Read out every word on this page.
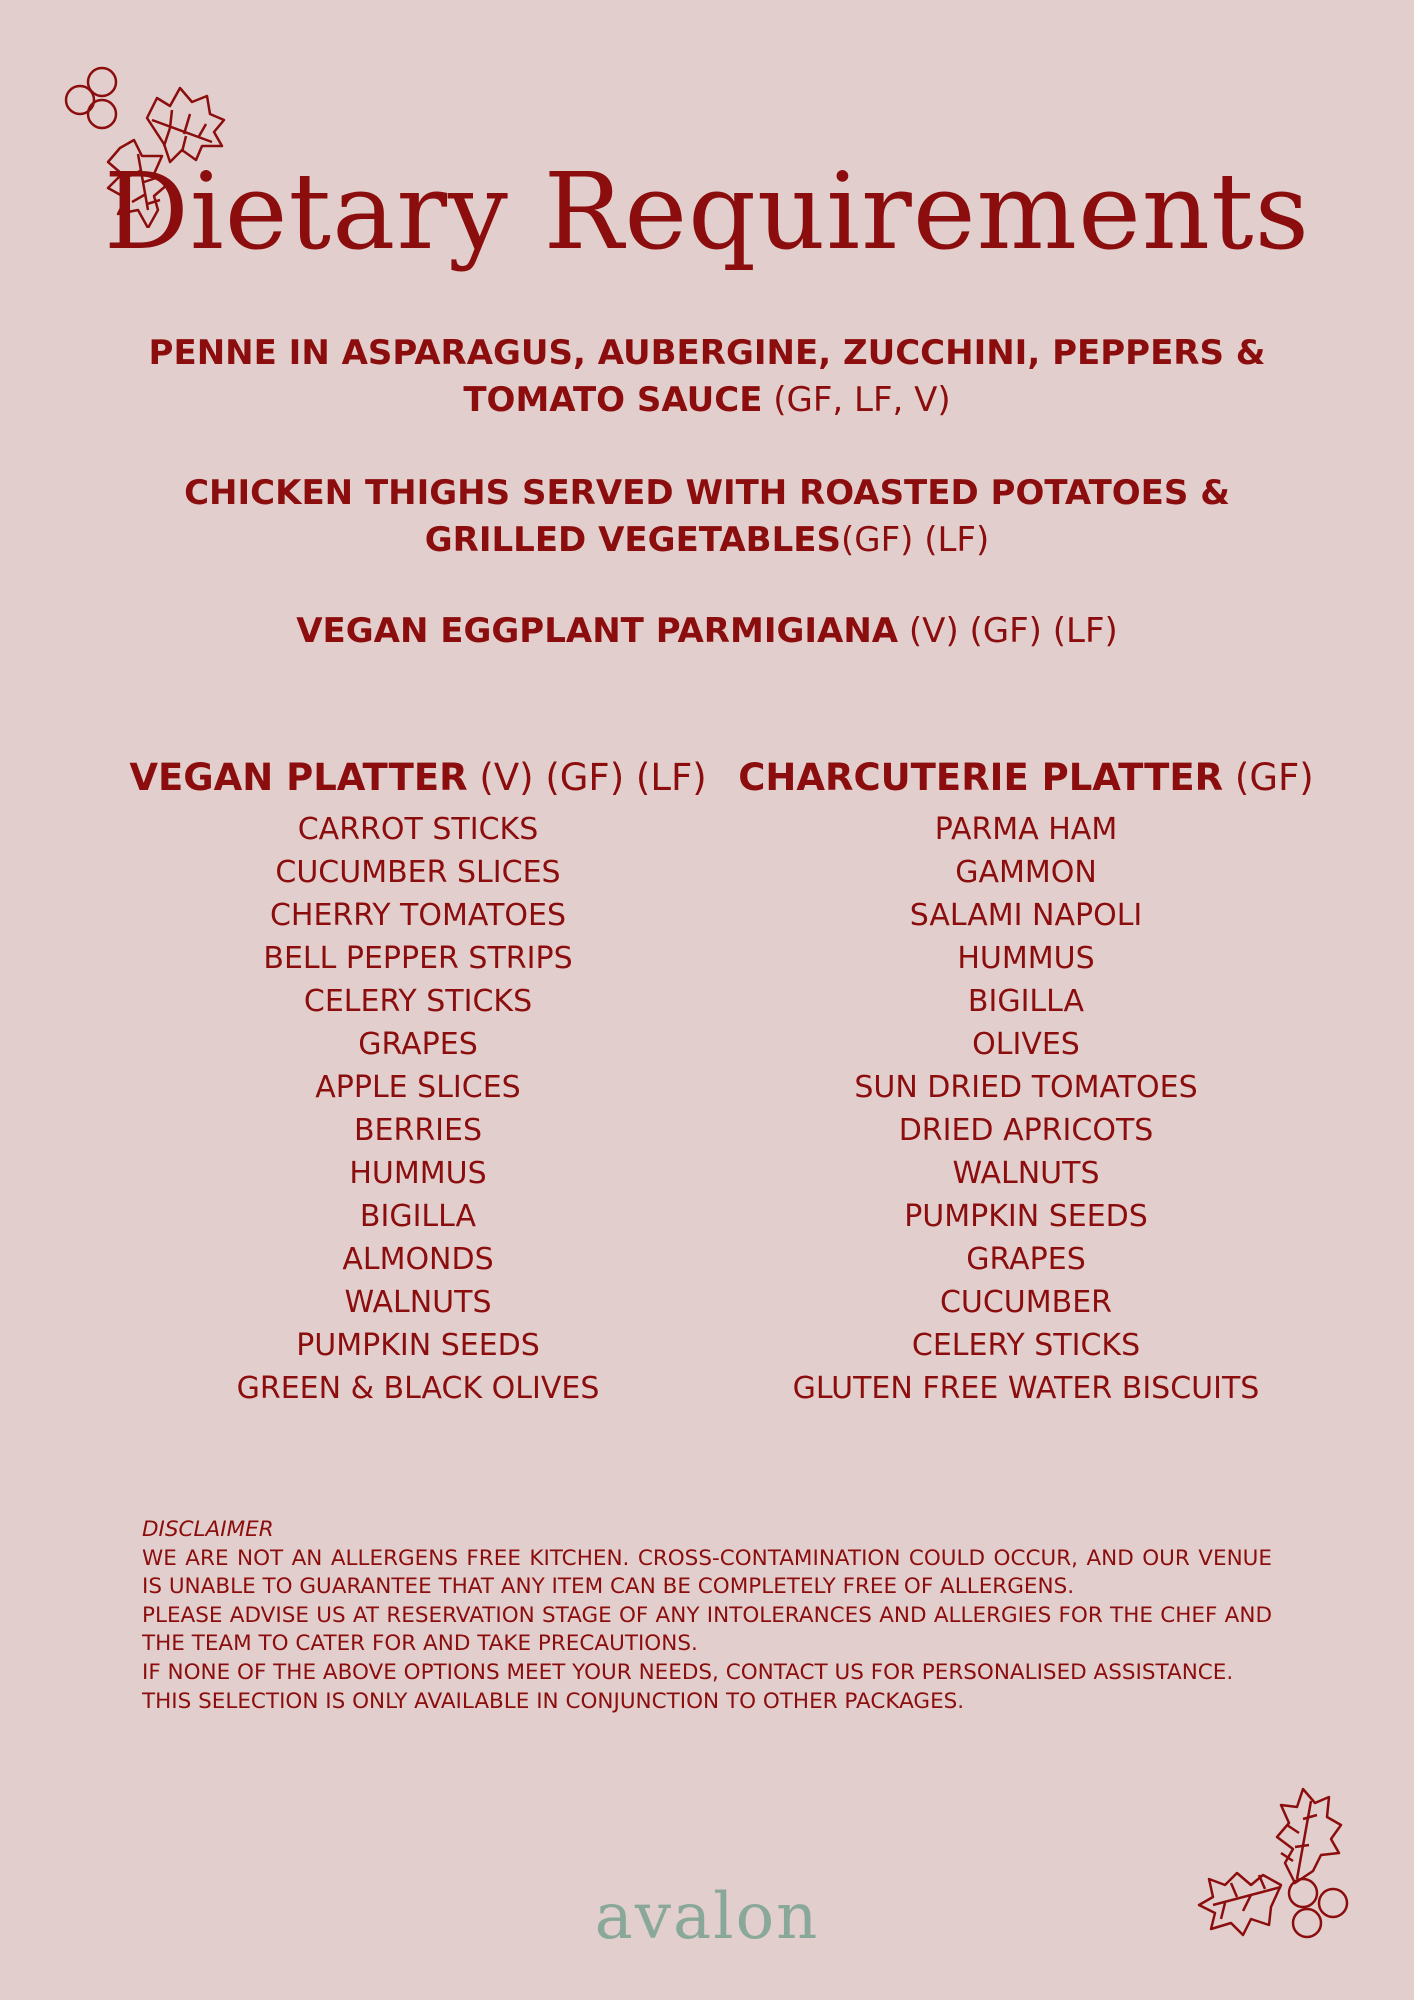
Dietary Requirements
PENNE IN ASPARAGUS, AUBERGINE, ZUCCHINI, PEPPERS & TOMATO SAUCE (GF, LF, V)
CHICKEN THIGHS SERVED WITH ROASTED POTATOES & GRILLED VEGETABLES(GF) (LF)
VEGAN EGGPLANT PARMIGIANA (V) (GF) (LF)
VEGAN PLATTER (V) (GF) (LF)
CARROT STICKS
CUCUMBER SLICES
CHERRY TOMATOES
BELL PEPPER STRIPS
CELERY STICKS
GRAPES
APPLE SLICES
BERRIES
HUMMUS
BIGILLA
ALMONDS
WALNUTS
PUMPKIN SEEDS
GREEN & BLACK OLIVES
CHARCUTERIE PLATTER (GF)
PARMA HAM
GAMMON
SALAMI NAPOLI
HUMMUS
BIGILLA
OLIVES
SUN DRIED TOMATOES
DRIED APRICOTS
WALNUTS
PUMPKIN SEEDS
GRAPES
CUCUMBER
CELERY STICKS
GLUTEN FREE WATER BISCUITS

DISCLAIMER

WE ARE NOT AN ALLERGENS FREE KITCHEN. CROSS-CONTAMINATION COULD OCCUR, AND OUR VENUE IS UNABLE TO GUARANTEE THAT ANY ITEM CAN BE COMPLETELY FREE OF ALLERGENS.

PLEASE ADVISE US AT RESERVATION STAGE OF ANY INTOLERANCES AND ALLERGIES FOR THE CHEF AND THE TEAM TO CATER FOR AND TAKE PRECAUTIONS.

IF NONE OF THE ABOVE OPTIONS MEET YOUR NEEDS, CONTACT US FOR PERSONALISED ASSISTANCE.

THIS SELECTION IS ONLY AVAILABLE IN CONJUNCTION TO OTHER PACKAGES.

avalon
